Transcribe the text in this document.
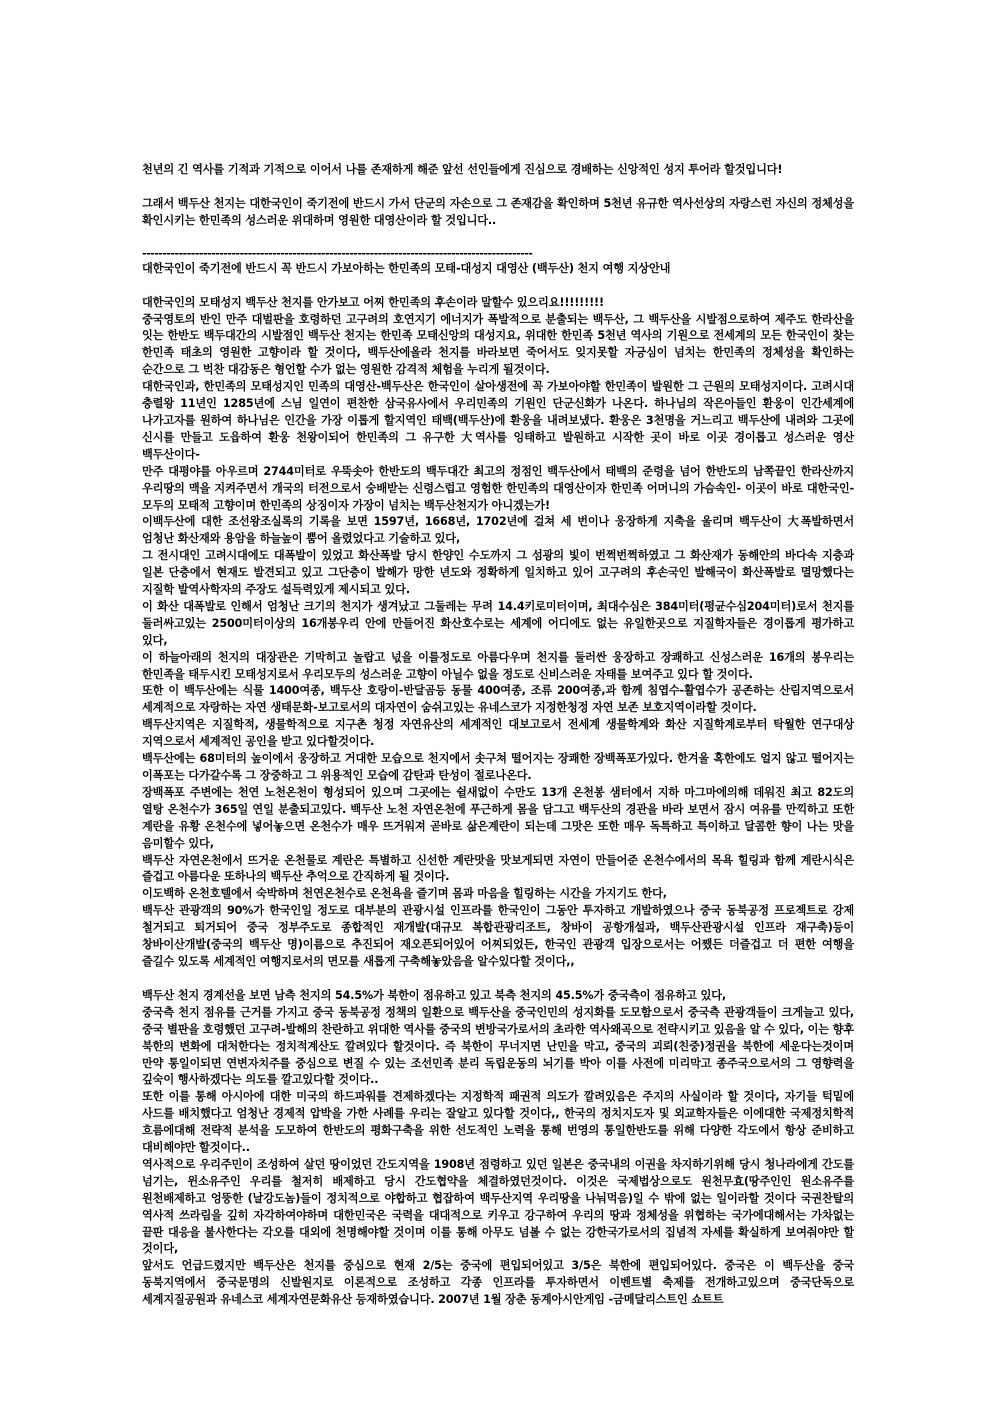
천년의 긴 역사를 기적과 기적으로 이어서 나를 존재하게 해준 앞선 선인들에게 진심으로 경배하는 신앙적인 성지 투어라 할것입니다!

그래서 백두산 천지는 대한국인이 죽기전에 반드시 가서 단군의 자손으로 그 존재감을 확인하며 5천년 유규한 역사선상의 자랑스런 자신의 정체성을 확인시키는 한민족의 성스러운 위대하며 영원한 대영산이라 할 것입니다..

------------------------------------------------------------------------------------------------

대한국인이 죽기전에 반드시 꼭 반드시 가보아하는 한민족의 모태-대성지 대영산 (백두산) 천지 여행 지상안내

대한국인의 모태성지 백두산 천지를 안가보고 어찌 한민족의 후손이라 말할수 있으리요!!!!!!!!!

중국영토의 반인 만주 대벌판을 호령하던 고구려의 호연지기 에너지가 폭발적으로 분출되는 백두산, 그 백두산을 시발점으로하여 제주도 한라산을 잇는 한반도 백두대간의 시발점인 백두산 천지는 한민족 모태신앙의 대성지요, 위대한 한민족 5천년 역사의 기원으로 전세계의 모든 한국인이 찾는 한민족 태초의 영원한 고향이라 할 것이다, 백두산에올라 천지를 바라보면 죽어서도 잊지못할 자긍심이 넘치는 한민족의 정체성을 확인하는 순간으로 그 벅찬 대감동은 형언할 수가 없는 영원한 감격적 체험을 누리게 될것이다.

대한국인과, 한민족의 모태성지인 민족의 대영산-백두산은 한국인이 살아생전에 꼭 가보아야할 한민족이 발원한 그 근원의 모태성지이다. 고려시대 충렬왕 11년인 1285년에 스님 일연이 편찬한 삼국유사에서 우리민족의 기원인 단군신화가 나온다. 하나님의 작은아들인 환웅이 인간세계에 나가고자를 원하여 하나님은 인간을 가장 이롭게 할지역인 태백(백두산)에 환웅을 내려보냈다. 환웅은 3천명을 거느리고 백두산에 내려와 그곳에 신시를 만들고 도읍하여 환웅 천왕이되어 한민족의 그 유구한 大역사를 잉태하고 발원하고 시작한 곳이 바로 이곳 경이롭고 성스러운 영산 백두산이다-

만주 대평야를 아우르며 2744미터로 우뚝솟아 한반도의 백두대간 최고의 정점인 백두산에서 태백의 준령을 넘어 한반도의 남쪽끝인 한라산까지 우리땅의 맥을 지켜주면서 개국의 터전으로서 숭배받는 신령스럽고 영험한 한민족의 대영산이자 한민족 어머니의 가슴속인- 이곳이 바로 대한국인-모두의 모태적 고향이며 한민족의 상징이자 가장이 넘치는 백두산천지가 아니겠는가!

이백두산에 대한 조선왕조실록의 기록을 보면 1597년, 1668년, 1702년에 걸쳐 세 번이나 웅장하게 지축을 울리며 백두산이 大폭발하면서 엄청난 화산재와 용암을 하늘높이 뿜어 올렸었다고 기술하고 있다,

그 전시대인 고려시대에도 대폭발이 있었고 화산폭발 당시 한양인 수도까지 그 섬광의 빛이 번쩍번쩍하였고 그 화산재가 동해안의 바다속 지층과 일본 단층에서 현재도 발견되고 있고 그단층이 발해가 망한 년도와 정확하게 일치하고 있어 고구려의 후손국인 발해국이 화산폭발로 멸망했다는 지질학 발역사학자의 주장도 설득력있게 제시되고 있다.

이 화산 대폭발로 인해서 엄청난 크기의 천지가 생겨났고 그둘레는 무려 14.4키로미터이며, 최대수심은 384미터(평균수심204미터)로서 천지를 둘러싸고있는 2500미터이상의 16개봉우리 안에 만들어진 화산호수로는 세계에 어디에도 없는 유일한곳으로 지질학자들은 경이롭게 평가하고 있다,

이 하늘아래의 천지의 대장관은 기막히고 놀랍고 넋을 이를정도로 아름다우며 천지를 둘러싼 웅장하고 장쾌하고 신성스러운 16개의 봉우리는 한민족을 태두시킨 모태성지로서 우리모두의 성스러운 고향이 아닐수 없을 정도로 신비스러운 자태를 보여주고 있다 할 것이다.

또한 이 백두산에는 식물 1400여종, 백두산 호랑이-반달곰등 동물 400여종, 조류 200여종,과 함께 침엽수-활엽수가 공존하는 산림지역으로서 세계적으로 자랑하는 자연 생태문화-보고로서의 대자연이 숨쉬고있는 유네스코가 지정한청정 자연 보존 보호지역이라할 것이다.

백두산지역은 지질학적, 생물학적으로 지구촌 청정 자연유산의 세계적인 대보고로서 전세계 생물학계와 화산 지질학계로부터 탁월한 연구대상 지역으로서 세계적인 공인을 받고 있다할것이다.

백두산에는 68미터의 높이에서 웅장하고 거대한 모습으로 천지에서 솟구쳐 떨어지는 장쾌한 장백폭포가있다. 한겨울 혹한에도 얼지 않고 떨어지는 이폭포는 다가갈수록 그 장중하고 그 위용적인 모습에 감탄과 탄성이 절로나온다.

장백폭포 주변에는 천연 노천온천이 형성되어 있으며 그곳에는 쉴새없이 수만도 13개 온천봉 샘터에서 지하 마그마에의해 데워진 최고 82도의 열탕 온천수가 365일 연일 분출되고있다. 백두산 노천 자연온천에 푸근하게 몸을 담그고 백두산의 경관을 바라 보면서 잠시 여유를 만끽하고 또한 계란을 유황 온천수에 넣어놓으면 온천수가 매우 뜨거워져 곧바로 삶은계란이 되는데 그맛은 또한 매우 독특하고 특이하고 달콤한 향이 나는 맛을 음미할수 있다,

백두산 자연온천에서 뜨거운 온천물로 계란은 특별하고 신선한 계란맛을 맛보게되면 자연이 만들어준 온천수에서의 목욕 힐링과 함께 계란시식은 즐겁고 아름다운 또하나의 백두산 추억으로 간직하게 될 것이다.

이도백하 온천호텔에서 숙박하며 천연온천수로 온천욕을 즐기며 몸과 마음을 힐링하는 시간을 가지기도 한다,

백두산 관광객의 90%가 한국인일 정도로 대부분의 관광시설 인프라를 한국인이 그동안 투자하고 개발하였으나 중국 동북공정 프로젝트로 강제 철거되고 퇴거되어 중국 정부주도로 종합적인 재개발(대규모 복합관광리조트, 창바이 공항개설과, 백두산관광시설 인프라 재구축)등이 창바이산개발(중국의 백두산 명)이름으로 추진되어 재오픈되어있어 어찌되었든, 한국인 관광객 입장으로서는 어쨌든 더즐겁고 더 편한 여행을 즐길수 있도록 세계적인 여행지로서의 면모를 새롭게 구축해놓았음을 알수있다할 것이다,,

백두산 천지 경계선을 보면 남측 천지의 54.5%가 북한이 점유하고 있고 북측 천지의 45.5%가 중국측이 점유하고 있다,

중국측 천지 점유를 근거를 가지고 중국 동북공정 정책의 일환으로 백두산을 중국인민의 성지화를 도모함으로서 중국측 관광객들이 크게늘고 있다, 중국 별판을 호령했던 고구려-발해의 찬란하고 위대한 역사를 중국의 변방국가로서의 초라한 역사왜곡으로 전략시키고 있음을 알 수 있다, 이는 향후 북한의 변화에 대처한다는 정치적계산도 깔려있다 할것이다. 즉 북한이 무너지면 난민을 막고, 중국의 괴뢰(친중)정권을 북한에 세운다는것이며 만약 통일이되면 연변자치주를 중심으로 변질 수 있는 조선민족 분리 독립운동의 뇌기를 박아 이를 사전에 미리막고 종주국으로서의 그 영향력을 깊숙이 행사하겠다는 의도를 깔고있다할 것이다..

또한 이를 통해 아시아에 대한 미국의 하드파워를 견제하겠다는 지정학적 패권적 의도가 깔려있음은 주지의 사실이라 할 것이다, 자기들 턱밑에 사드를 배치했다고 엄청난 경제적 압박을 가한 사례를 우리는 잘알고 있다할 것이다,, 한국의 정치지도자 및 외교학자들은 이에대한 국제정치학적 흐름에대해 전략적 분석을 도모하여 한반도의 평화구축을 위한 선도적인 노력을 통해 번영의 통일한반도를 위해 다양한 각도에서 항상 준비하고 대비해야만 할것이다..

역사적으로 우리주민이 조성하여 살던 땅이었던 간도지역을 1908년 점령하고 있던 일본은 중국내의 이권을 차지하기위해 당시 청나라에게 간도를 넘기는, 윈소유주인 우리를 철저히 배제하고 당시 간도협약을 체결하였던것이다. 이것은 국제법상으로도 원천무효(땅주인인 원소유주를 원천배제하고 엉뚱한 (날강도놈)들이 정치적으로 야합하고 협잡하여 백두산지역 우리땅을 나눠먹음)일 수 밖에 없는 일이라할 것이다 국권찬탈의 역사적 쓰라림을 깊히 자각하여야하며 대한민국은 국력을 대대적으로 키우고 강구하여 우리의 땅과 정체성을 위협하는 국가에대해서는 가차없는 끝판 대응을 불사한다는 각오를 대외에 천명해야할 것이며 이를 통해 아무도 넘볼 수 없는 강한국가로서의 집념적 자세를 확실하게 보여줘야만 할 것이다,

앞서도 언급드렸지만 백두산은 천지를 중심으로 현재 2/5는 중국에 편입되어있고 3/5은 북한에 편입되어있다. 중국은 이 백두산을 중국 동북지역에서 중국문명의 신발원지로 이론적으로 조성하고 각종 인프라를 투자하면서 이벤트별 축제를 전개하고있으며 중국단독으로 세계지질공원과 유네스코 세계자연문화유산 등재하였습니다. 2007년 1월 장춘 동계아시안게임 -금메달리스트인 쇼트트
